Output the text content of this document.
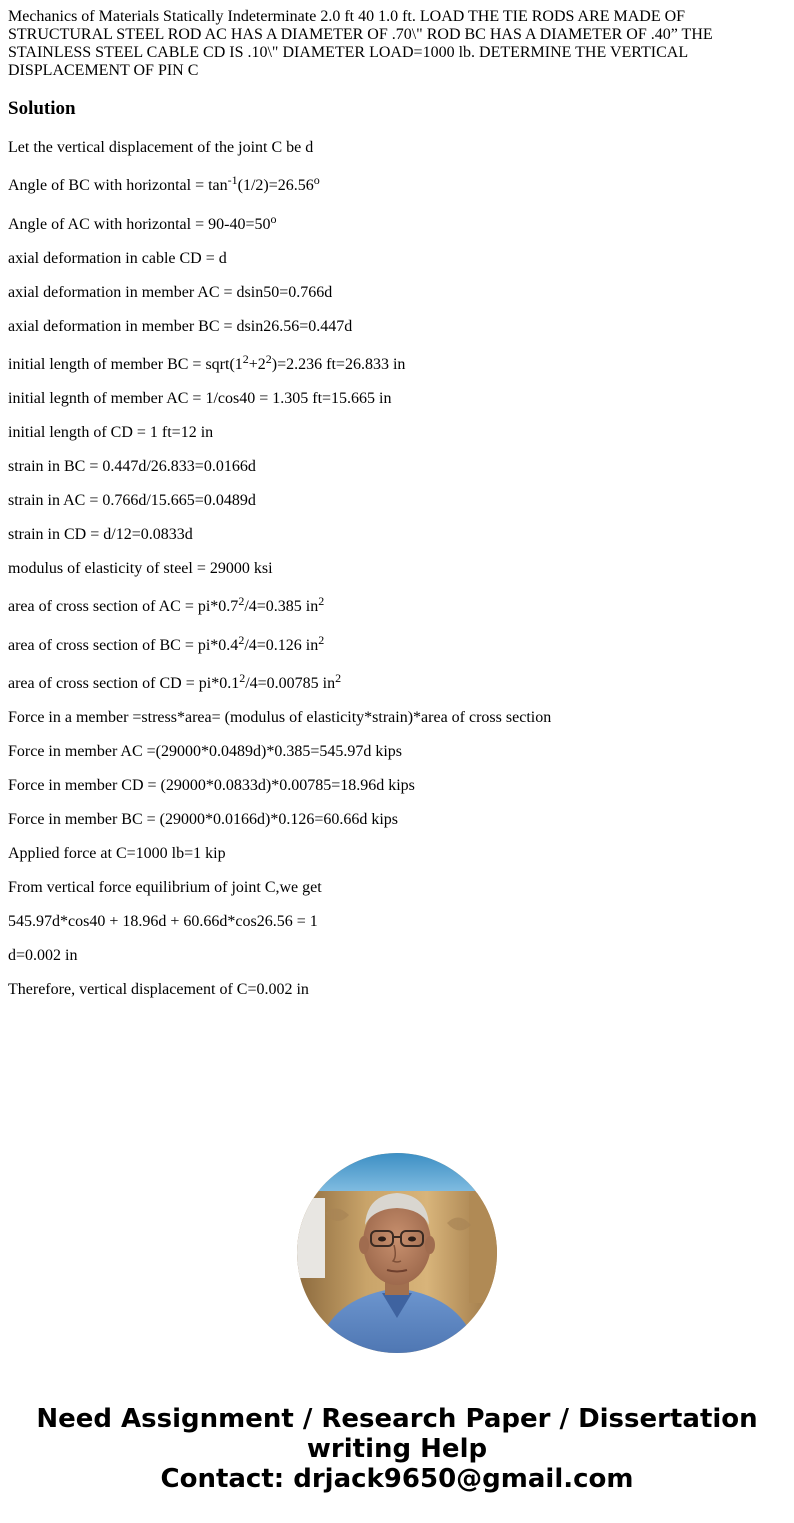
Mechanics of Materials Statically Indeterminate 2.0 ft 40 1.0 ft. LOAD THE TIE RODS ARE MADE OF STRUCTURAL STEEL ROD AC HAS A DIAMETER OF .70\" ROD BC HAS A DIAMETER OF .40” THE STAINLESS STEEL CABLE CD IS .10\" DIAMETER LOAD=1000 lb. DETERMINE THE VERTICAL DISPLACEMENT OF PIN C

Solution

Let the vertical displacement of the joint C be d

Angle of BC with horizontal = $\tan^{-1}(1/2)=26.56^o$

Angle of AC with horizontal = $90-40=50^o$

axial deformation in cable CD = d

axial deformation in member AC = dsin50=0.766d

axial deformation in member BC = dsin26.56=0.447d

initial length of member BC = $sqrt(1^2+2^2)=2.236$ ft=26.833 in

initial legnth of member AC = 1/cos40 = 1.305 ft=15.665 in

initial length of CD = 1 ft=12 in

strain in BC = 0.447d/26.833=0.0166d

strain in AC = 0.766d/15.665=0.0489d

strain in CD = d/12=0.0833d

modulus of elasticity of steel = 29000 ksi

area of cross section of AC = $pi*0.7^2/4=0.385$ $in^2$

area of cross section of BC = $pi*0.4^2/4=0.126$ $in^2$

area of cross section of CD = $pi*0.1^2/4=0.00785$ $in^2$

Force in a member =stress*area= (modulus of elasticity*strain)*area of cross section

Force in member AC =(29000*0.0489d)*0.385=545.97d kips

Force in member CD = (29000*0.0833d)*0.00785=18.96d kips

Force in member BC = (29000*0.0166d)*0.126=60.66d kips

Applied force at C=1000 lb=1 kip

From vertical force equilibrium of joint C,we get

545.97d*cos40 + 18.96d + 60.66d*cos26.56 = 1

d=0.002 in

Therefore, vertical displacement of C=0.002 in

Need Assignment / Research Paper / Dissertation

writing Help

Contact: drjack9650@gmail.com
